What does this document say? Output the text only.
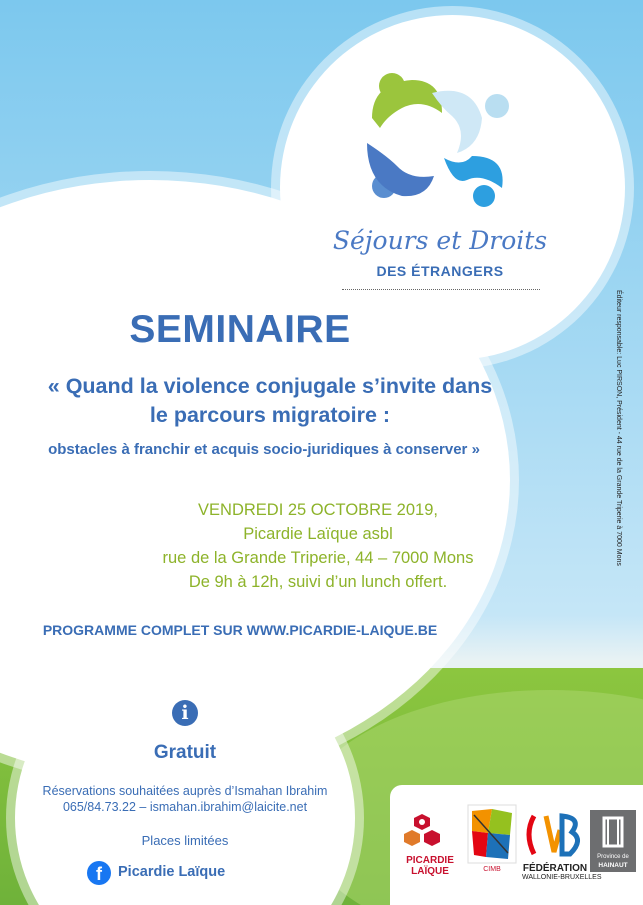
Séjours et Droits
DES ÉTRANGERS
Éditeur responsable: Luc PIRSON, Président - 44 rue de la Grande Triperie à 7000 Mons
SEMINAIRE
« Quand la violence conjugale s’invite dans
le parcours migratoire :
obstacles à franchir et acquis socio-juridiques à conserver »
VENDREDI 25 OCTOBRE 2019,
Picardie Laïque asbl
rue de la Grande Triperie, 44 – 7000 Mons
De 9h à 12h, suivi d’un lunch offert.
PROGRAMME COMPLET SUR WWW.PICARDIE-LAIQUE.BE
i
Gratuit
Réservations souhaitées auprès d’Ismahan Ibrahim
065/84.73.22 – ismahan.ibrahim@laicite.net
Places limitées
f	Picardie Laïque
PICARDIE
LAÏQUE	CIMB FÉDÉRATION
WALLONIE-BRUXELLES
Province de
HAINAUT
